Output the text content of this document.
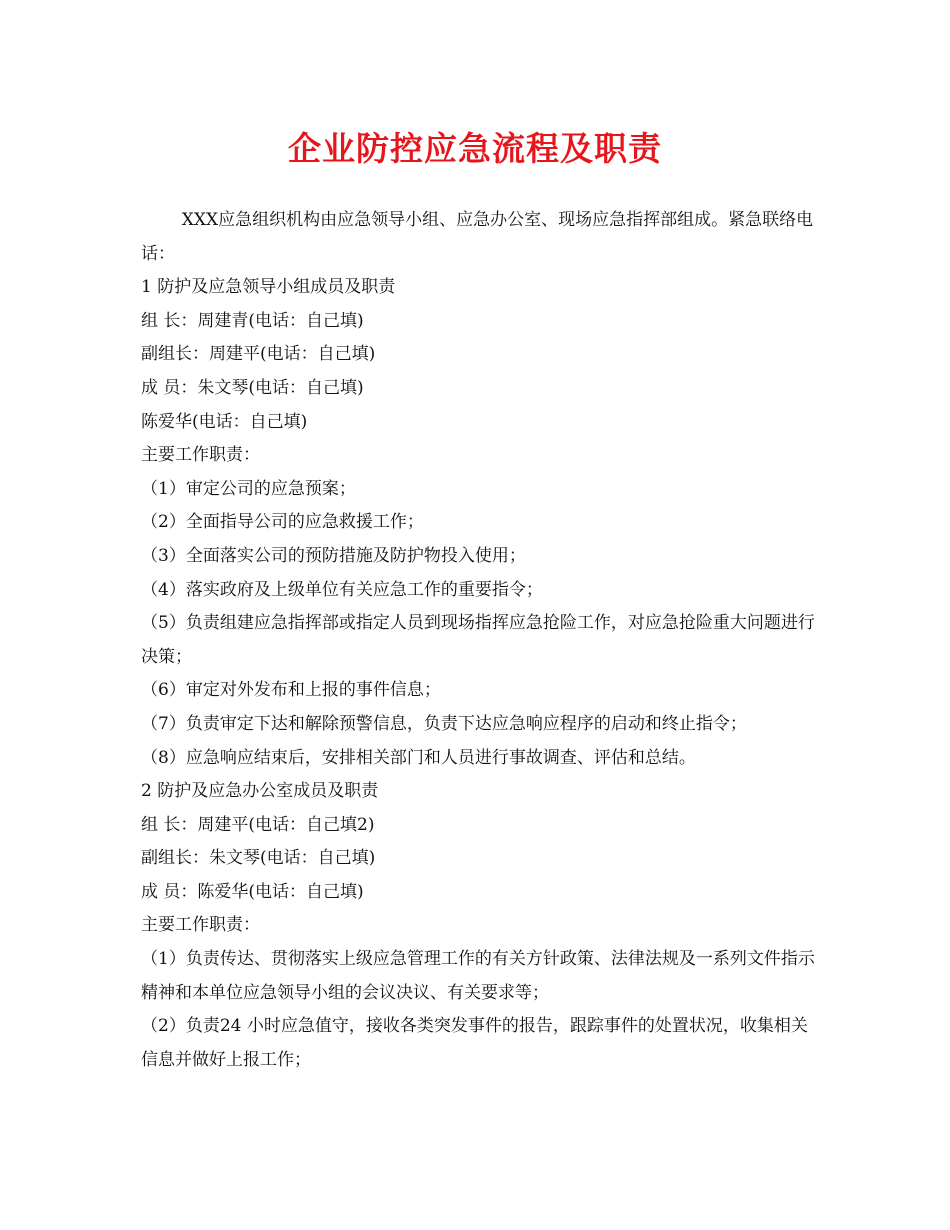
企业防控应急流程及职责

XXX应急组织机构由应急领导小组、应急办公室、现场应急指挥部组成。紧急联络电话：

1 防护及应急领导小组成员及职责

组 长：周建青(电话：自己填)

副组长：周建平(电话：自己填)

成 员：朱文琴(电话：自己填)

陈爱华(电话：自己填)

主要工作职责：

（1）审定公司的应急预案；

（2）全面指导公司的应急救援工作；

（3）全面落实公司的预防措施及防护物投入使用；

（4）落实政府及上级单位有关应急工作的重要指令；

（5）负责组建应急指挥部或指定人员到现场指挥应急抢险工作，对应急抢险重大问题进行决策；

（6）审定对外发布和上报的事件信息；

（7）负责审定下达和解除预警信息，负责下达应急响应程序的启动和终止指令；

（8）应急响应结束后，安排相关部门和人员进行事故调查、评估和总结。

2 防护及应急办公室成员及职责

组 长：周建平(电话：自己填2)

副组长：朱文琴(电话：自己填)

成 员：陈爱华(电话：自己填)

主要工作职责：

（1）负责传达、贯彻落实上级应急管理工作的有关方针政策、法律法规及一系列文件指示精神和本单位应急领导小组的会议决议、有关要求等；

（2）负责24 小时应急值守，接收各类突发事件的报告，跟踪事件的处置状况，收集相关信息并做好上报工作；
